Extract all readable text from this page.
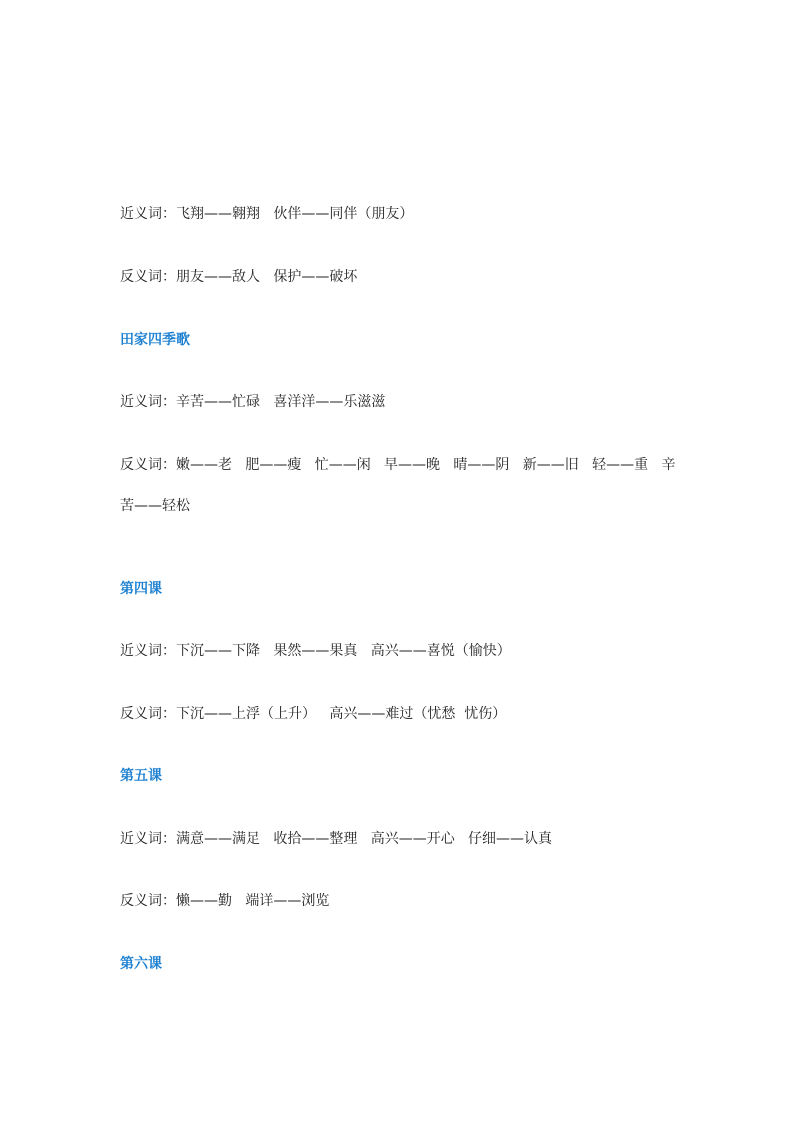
近义词：飞翔——翱翔   伙伴——同伴（朋友）

反义词：朋友——敌人   保护——破坏

田家四季歌

近义词：辛苦——忙碌   喜洋洋——乐滋滋

反义词：嫩——老   肥——瘦   忙——闲   早——晚   晴——阴   新——旧   轻——重   辛

苦——轻松

第四课

近义词：下沉——下降   果然——果真   高兴——喜悦（愉快）

反义词：下沉——上浮（上升）   高兴——难过（忧愁  忧伤）

第五课

近义词：满意——满足   收拾——整理   高兴——开心   仔细——认真

反义词：懒——勤   端详——浏览

第六课
